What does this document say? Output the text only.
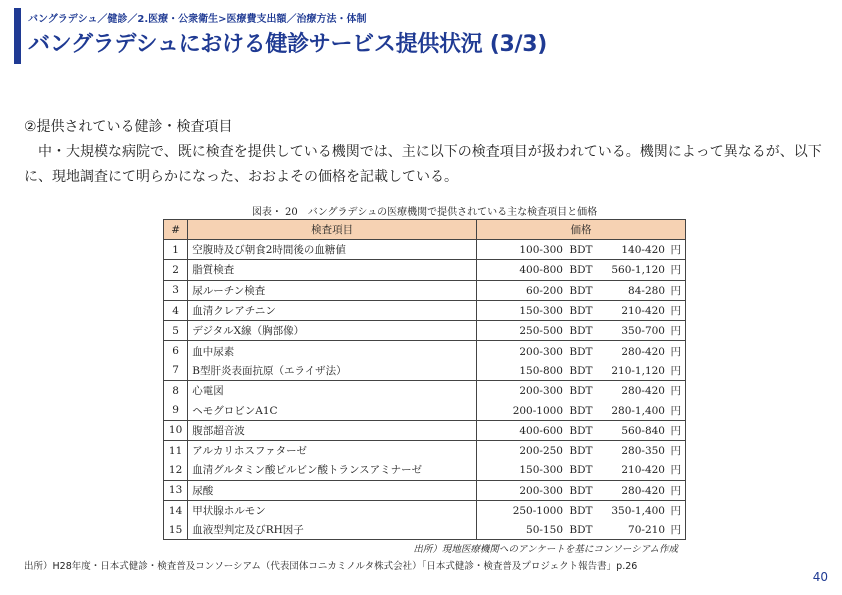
バングラデシュ／健診／2.医療・公衆衛生>医療費支出額／治療方法・体制
バングラデシュにおける健診サービス提供状況 (3/3)
②提供されている健診・検査項目

中・大規模な病院で、既に検査を提供している機関では、主に以下の検査項目が扱われている。機関によって異なるが、以下に、現地調査にて明らかになった、おおよその価格を記載している。

図表・ 20　バングラデシュの医療機関で提供されている主な検査項目と価格
#	検査項目	価格
1	空腹時及び朝食2時間後の血糖値	100-300 BDT 140-420 円
2	脂質検査	400-800 BDT 560-1,120 円
3	尿ルーチン検査	60-200 BDT 84-280 円
4	血清クレアチニン	150-300 BDT 210-420 円
5	デジタルX線（胸部像）	250-500 BDT 350-700 円
6	血中尿素	200-300 BDT 280-420 円
7	B型肝炎表面抗原（エライザ法）	150-800 BDT 210-1,120 円
8	心電図	200-300 BDT 280-420 円
9	ヘモグロビンA1C	200-1000 BDT 280-1,400 円
10	腹部超音波	400-600 BDT 560-840 円
11	アルカリホスファターゼ	200-250 BDT 280-350 円
12	血清グルタミン酸ピルビン酸トランスアミナーゼ	150-300 BDT 210-420 円
13	尿酸	200-300 BDT 280-420 円
14	甲状腺ホルモン	250-1000 BDT 350-1,400 円
15	血液型判定及びRH因子	50-150 BDT 70-210 円
出所）現地医療機関へのアンケートを基にコンソーシアム作成
出所）H28年度・日本式健診・検査普及コンソーシアム（代表団体コニカミノルタ株式会社）「日本式健診・検査普及プロジェクト報告書」p.26
40
